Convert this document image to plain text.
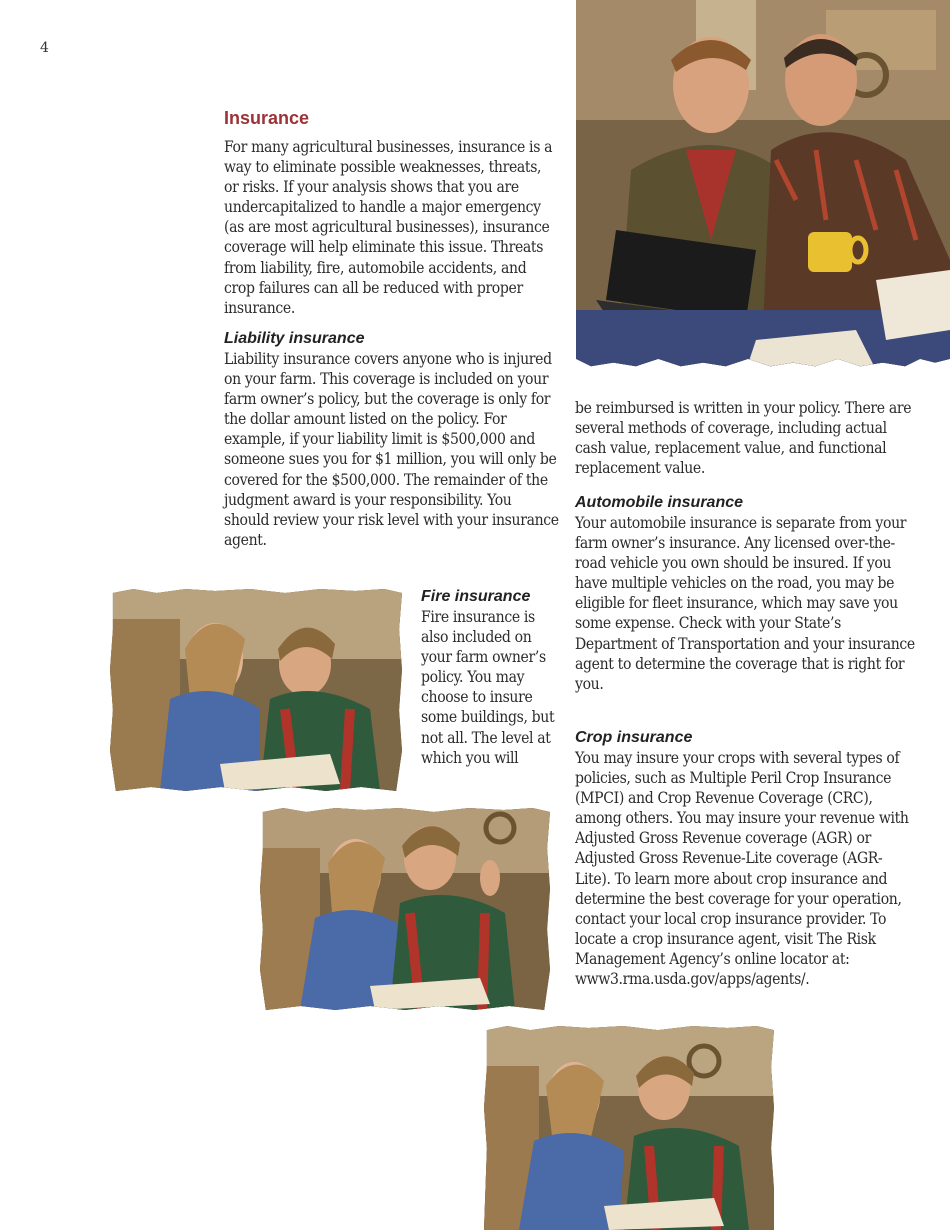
4
Insurance

For many agricultural businesses, insurance is a way to eliminate possible weaknesses, threats, or risks. If your analysis shows that you are undercapitalized to handle a major emergency (as are most agricultural businesses), insurance coverage will help eliminate this issue. Threats from liability, fire, automobile accidents, and crop failures can all be reduced with proper insurance.

Liability insurance

Liability insurance covers anyone who is injured on your farm. This coverage is included on your farm owner’s policy, but the coverage is only for the dollar amount listed on the policy. For example, if your liability limit is $500,000 and someone sues you for $1 million, you will only be covered for the $500,000. The remainder of the judgment award is your responsibility. You should review your risk level with your insurance agent.

Fire insurance

Fire insurance is also included on your farm owner’s policy. You may choose to insure some buildings, but not all. The level at which you will

be reimbursed is written in your policy. There are several methods of coverage, including actual cash value, replacement value, and functional replacement value.

Automobile insurance

Your automobile insurance is separate from your farm owner’s insurance. Any licensed over-the-road vehicle you own should be insured. If you have multiple vehicles on the road, you may be eligible for fleet insurance, which may save you some expense. Check with your State’s Department of Transportation and your insurance agent to determine the coverage that is right for you.

Crop insurance

You may insure your crops with several types of policies, such as Multiple Peril Crop Insurance (MPCI) and Crop Revenue Coverage (CRC), among others. You may insure your revenue with Adjusted Gross Revenue coverage (AGR) or Adjusted Gross Revenue-Lite coverage (AGR-Lite). To learn more about crop insurance and determine the best coverage for your operation, contact your local crop insurance provider. To locate a crop insurance agent, visit The Risk Management Agency’s online locator at: www3.rma.usda.gov/apps/agents/.
